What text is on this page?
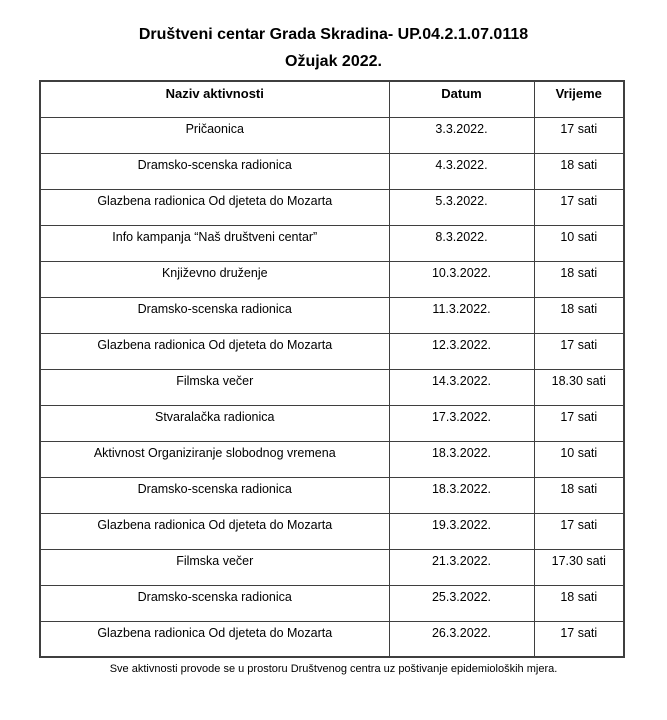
Društveni centar Grada Skradina- UP.04.2.1.07.0118
Ožujak 2022.
Naziv aktivnosti	Datum	Vrijeme
Pričaonica	3.3.2022.	17 sati
Dramsko-scenska radionica	4.3.2022.	18 sati
Glazbena radionica Od djeteta do Mozarta	5.3.2022.	17 sati
Info kampanja “Naš društveni centar”	8.3.2022.	10 sati
Književno druženje	10.3.2022.	18 sati
Dramsko-scenska radionica	11.3.2022.	18 sati
Glazbena radionica Od djeteta do Mozarta	12.3.2022.	17 sati
Filmska večer	14.3.2022.	18.30 sati
Stvaralačka radionica	17.3.2022.	17 sati
Aktivnost Organiziranje slobodnog vremena	18.3.2022.	10 sati
Dramsko-scenska radionica	18.3.2022.	18 sati
Glazbena radionica Od djeteta do Mozarta	19.3.2022.	17 sati
Filmska večer	21.3.2022.	17.30 sati
Dramsko-scenska radionica	25.3.2022.	18 sati
Glazbena radionica Od djeteta do Mozarta	26.3.2022.	17 sati
Sve aktivnosti provode se u prostoru Društvenog centra uz poštivanje epidemioloških mjera.
